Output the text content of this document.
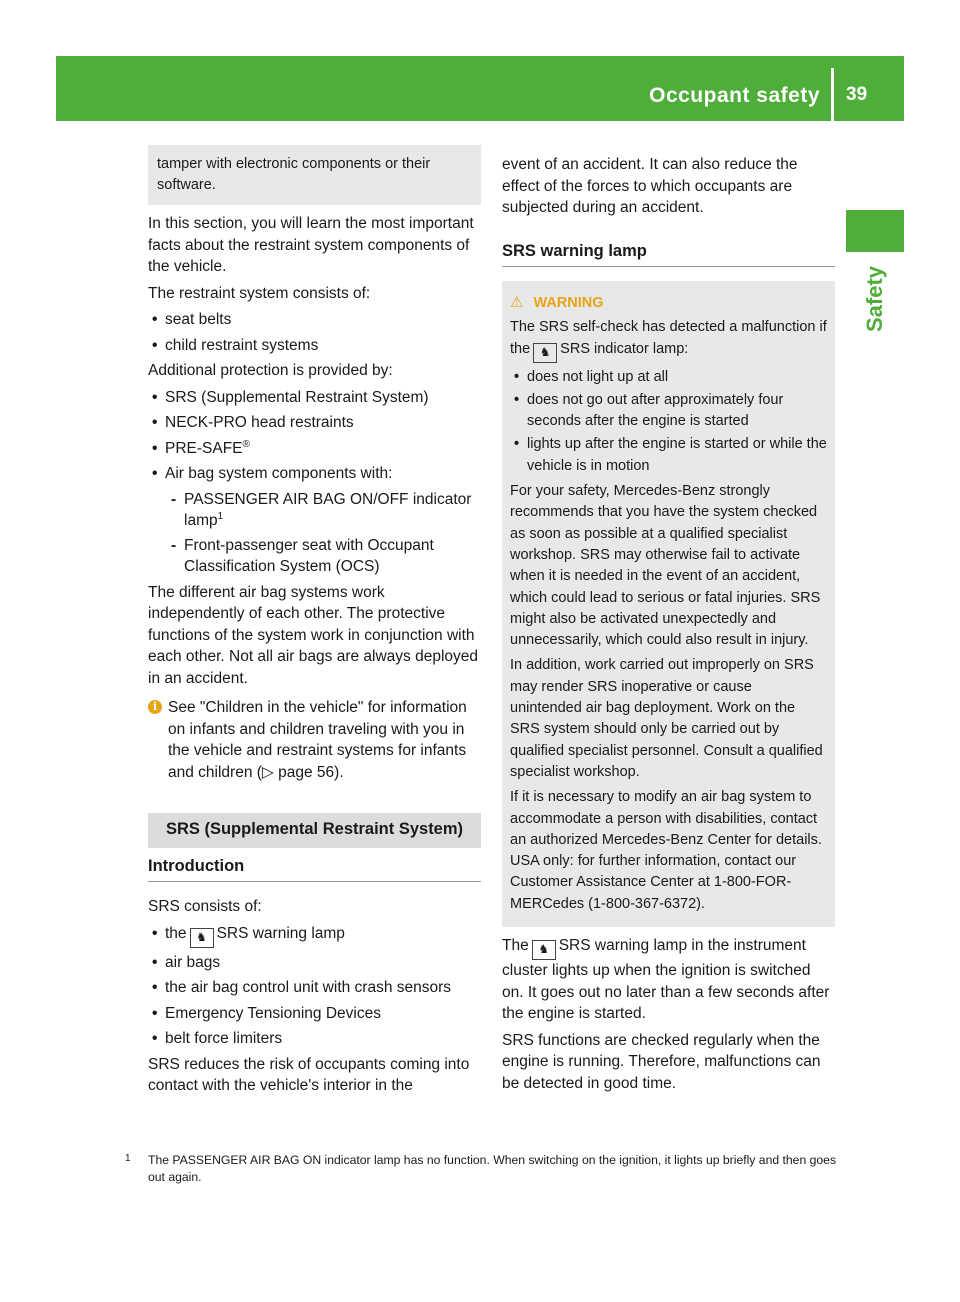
Occupant safety 39
Safety
tamper with electronic components or their software.

In this section, you will learn the most important facts about the restraint system components of the vehicle.

The restraint system consists of:

• seat belts
• child restraint systems

Additional protection is provided by:

• SRS (Supplemental Restraint System)
• NECK-PRO head restraints
• PRE-SAFE®
• Air bag system components with:
- PASSENGER AIR BAG ON/OFF indicator lamp$^1$
- Front-passenger seat with Occupant Classification System (OCS)

The different air bag systems work independently of each other. The protective functions of the system work in conjunction with each other. Not all air bags are always deployed in an accident.

i See "Children in the vehicle" for information on infants and children traveling with you in the vehicle and restraint systems for infants and children (▷ page 56).
SRS (Supplemental Restraint System)
Introduction

SRS consists of:

• the ♞ SRS warning lamp
• air bags
• the air bag control unit with crash sensors
• Emergency Tensioning Devices
• belt force limiters

SRS reduces the risk of occupants coming into contact with the vehicle's interior in the

event of an accident. It can also reduce the effect of the forces to which occupants are subjected during an accident.

SRS warning lamp
⚠ WARNING

The SRS self-check has detected a malfunction if the ♞ SRS indicator lamp:

• does not light up at all
• does not go out after approximately four seconds after the engine is started
• lights up after the engine is started or while the vehicle is in motion

For your safety, Mercedes-Benz strongly recommends that you have the system checked as soon as possible at a qualified specialist workshop. SRS may otherwise fail to activate when it is needed in the event of an accident, which could lead to serious or fatal injuries. SRS might also be activated unexpectedly and unnecessarily, which could also result in injury.

In addition, work carried out improperly on SRS may render SRS inoperative or cause unintended air bag deployment. Work on the SRS system should only be carried out by qualified specialist personnel. Consult a qualified specialist workshop.

If it is necessary to modify an air bag system to accommodate a person with disabilities, contact an authorized Mercedes-Benz Center for details. USA only: for further information, contact our Customer Assistance Center at 1-800-FOR-MERCedes (1-800-367-6372).

The ♞ SRS warning lamp in the instrument cluster lights up when the ignition is switched on. It goes out no later than a few seconds after the engine is started.

SRS functions are checked regularly when the engine is running. Therefore, malfunctions can be detected in good time.

1 The PASSENGER AIR BAG ON indicator lamp has no function. When switching on the ignition, it lights up briefly and then goes out again.
